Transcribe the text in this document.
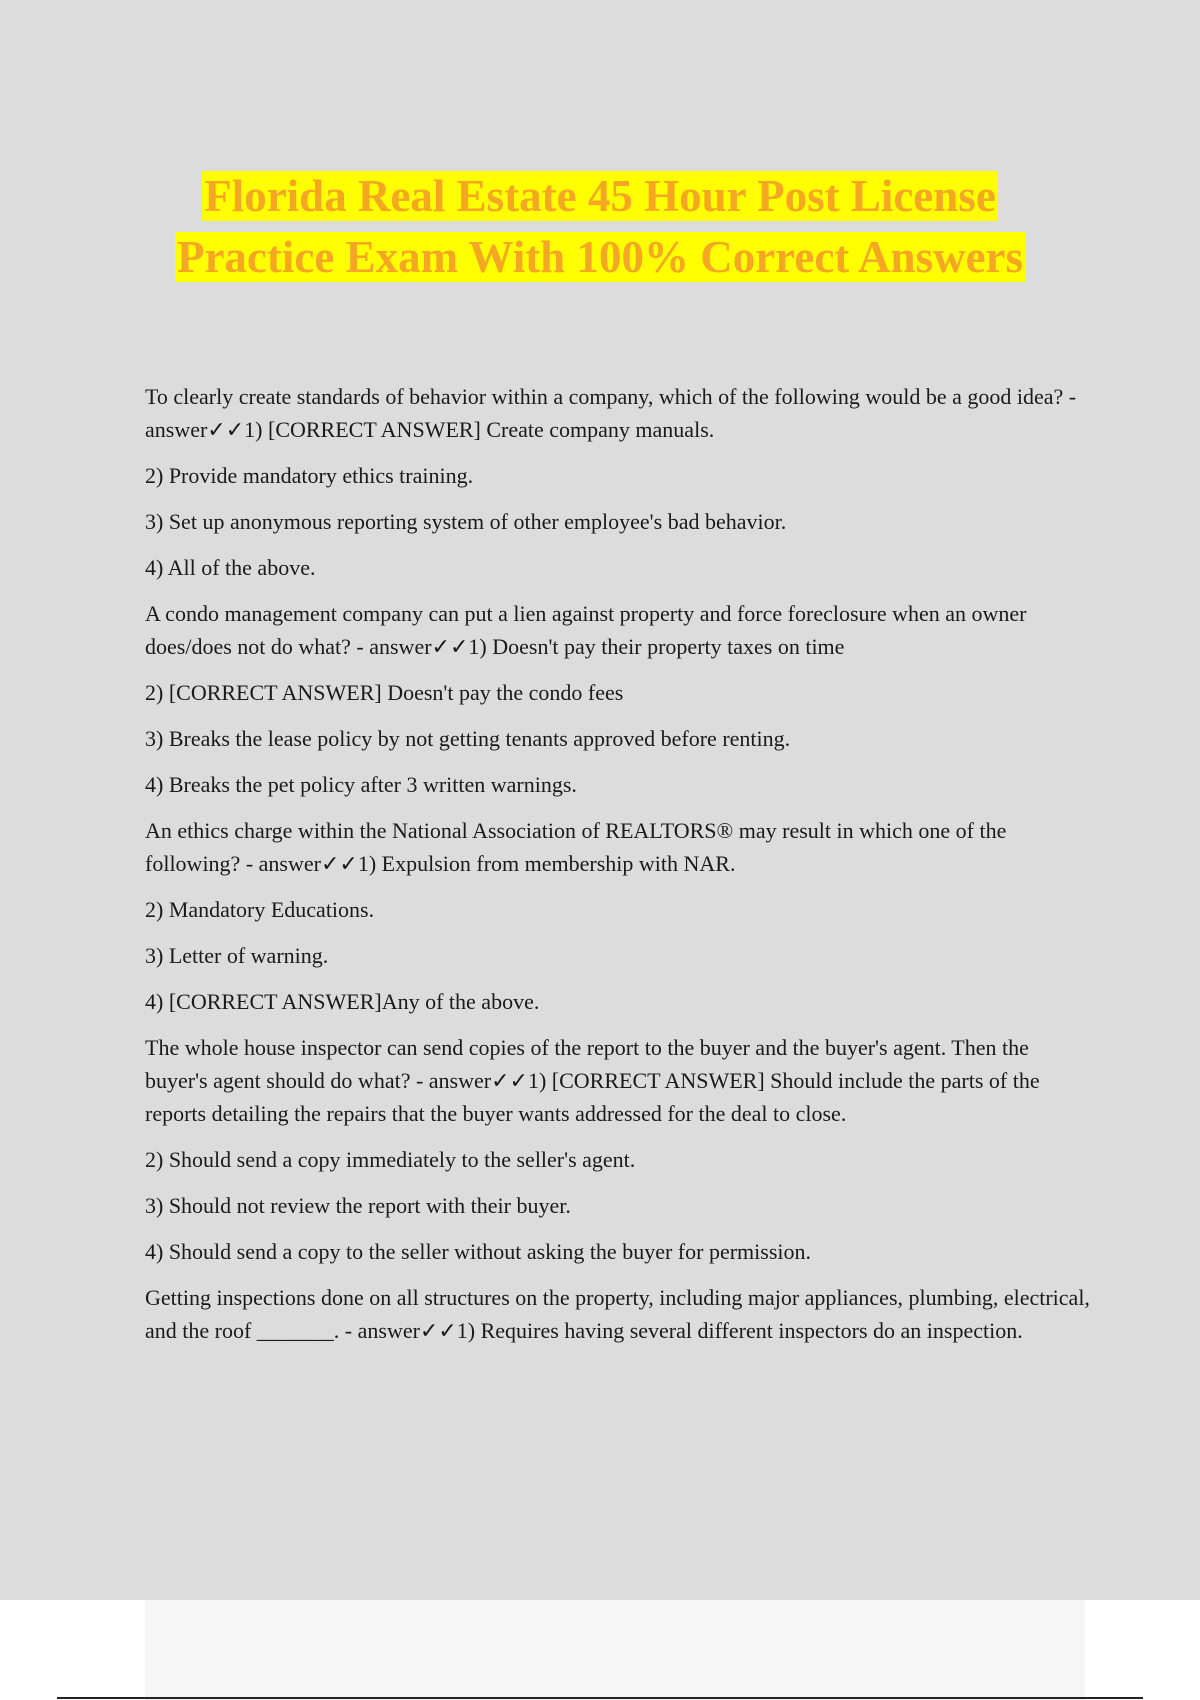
Florida Real Estate 45 Hour Post License
Practice Exam With 100% Correct Answers

To clearly create standards of behavior within a company, which of the following would be a good idea? - answer✓✓1) [CORRECT ANSWER] Create company manuals.

2) Provide mandatory ethics training.

3) Set up anonymous reporting system of other employee's bad behavior.

4) All of the above.

A condo management company can put a lien against property and force foreclosure when an owner does/does not do what? - answer✓✓1) Doesn't pay their property taxes on time

2) [CORRECT ANSWER] Doesn't pay the condo fees

3) Breaks the lease policy by not getting tenants approved before renting.

4) Breaks the pet policy after 3 written warnings.

An ethics charge within the National Association of REALTORS® may result in which one of the following? - answer✓✓1) Expulsion from membership with NAR.

2) Mandatory Educations.

3) Letter of warning.

4) [CORRECT ANSWER]Any of the above.

The whole house inspector can send copies of the report to the buyer and the buyer's agent. Then the buyer's agent should do what? - answer✓✓1) [CORRECT ANSWER] Should include the parts of the reports detailing the repairs that the buyer wants addressed for the deal to close.

2) Should send a copy immediately to the seller's agent.

3) Should not review the report with their buyer.

4) Should send a copy to the seller without asking the buyer for permission.

Getting inspections done on all structures on the property, including major appliances, plumbing, electrical, and the roof _______. - answer✓✓1) Requires having several different inspectors do an inspection.
